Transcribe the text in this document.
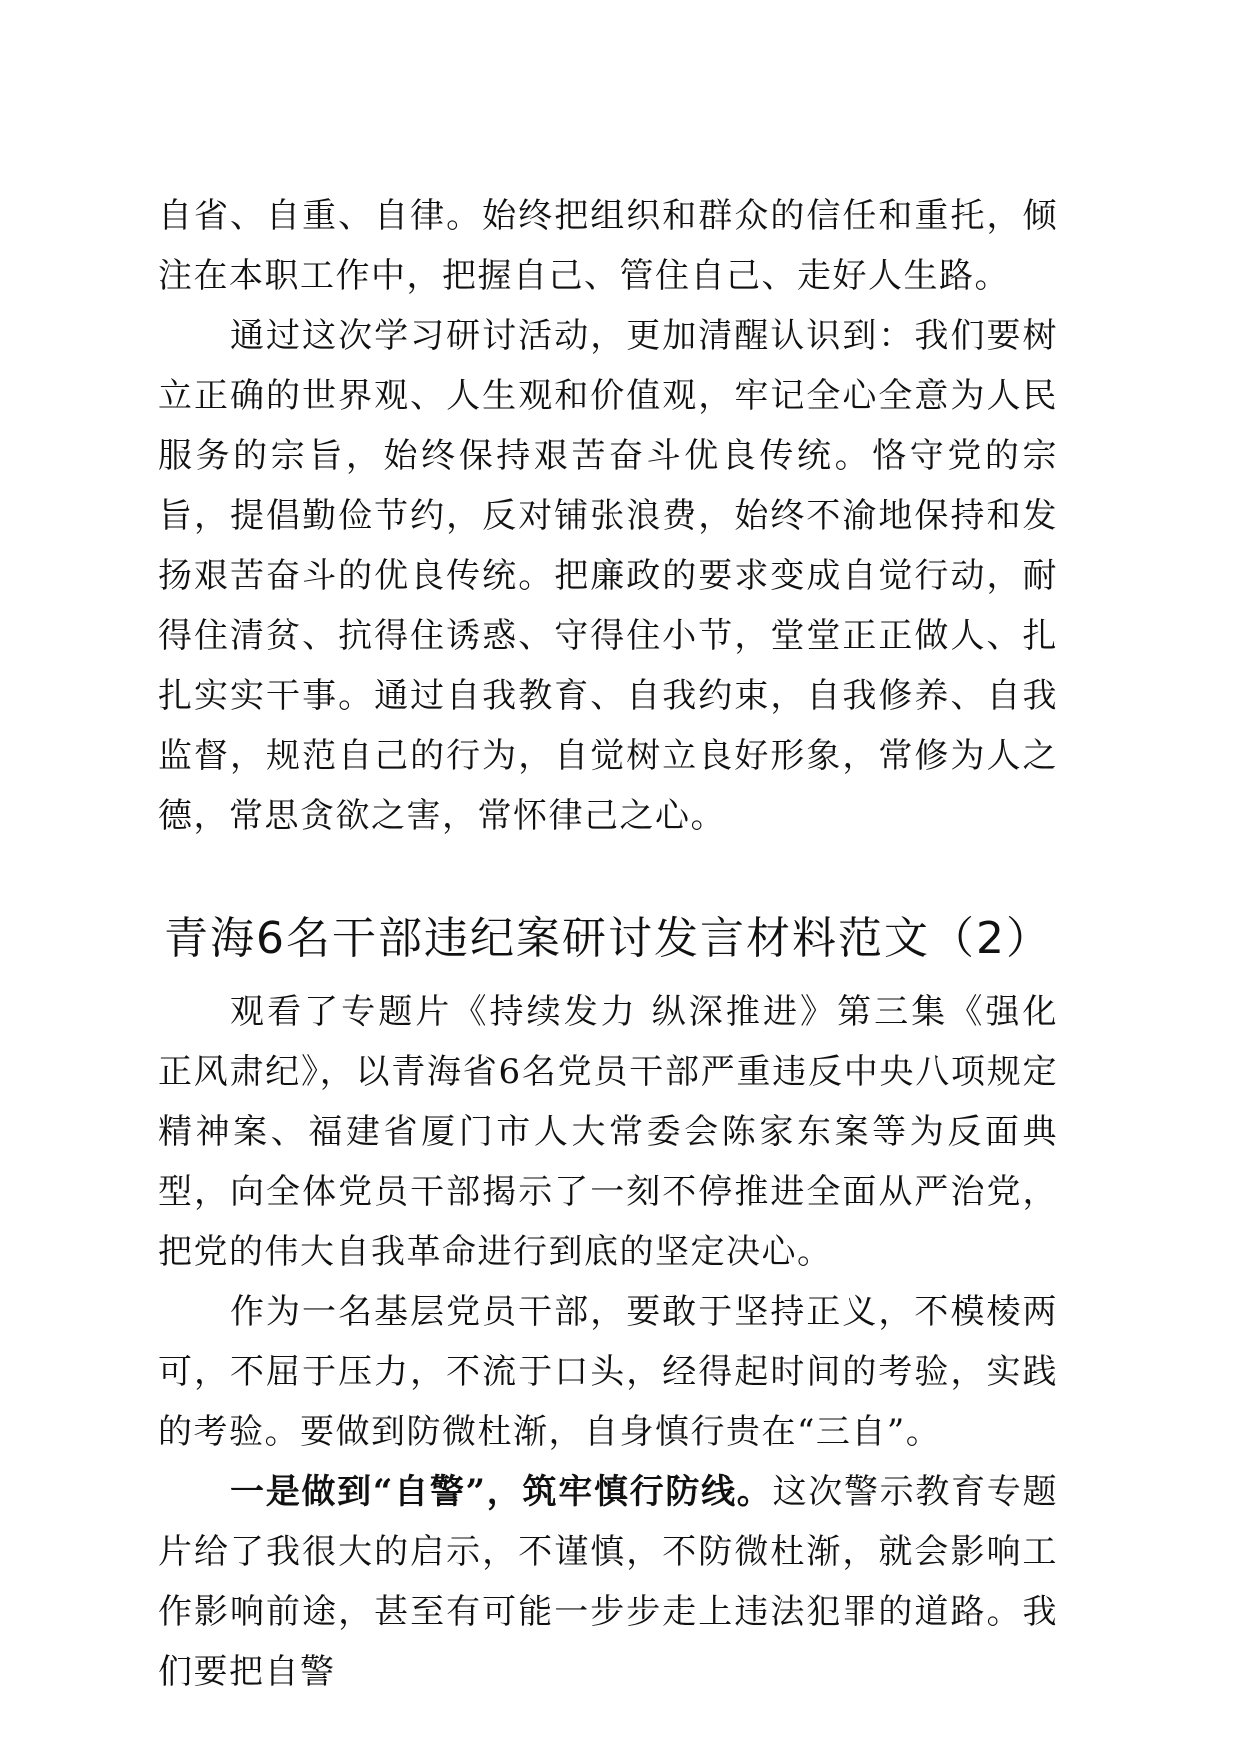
自省、自重、自律。始终把组织和群众的信任和重托，倾注在本职工作中，把握自己、管住自己、走好人生路。

通过这次学习研讨活动，更加清醒认识到：我们要树立正确的世界观、人生观和价值观，牢记全心全意为人民服务的宗旨，始终保持艰苦奋斗优良传统。恪守党的宗旨，提倡勤俭节约，反对铺张浪费，始终不渝地保持和发扬艰苦奋斗的优良传统。把廉政的要求变成自觉行动，耐得住清贫、抗得住诱惑、守得住小节，堂堂正正做人、扎扎实实干事。通过自我教育、自我约束，自我修养、自我监督，规范自己的行为，自觉树立良好形象，常修为人之德，常思贪欲之害，常怀律己之心。

青海6名干部违纪案研讨发言材料范文（2）

观看了专题片《持续发力 纵深推进》第三集《强化正风肃纪》，以青海省6名党员干部严重违反中央八项规定精神案、福建省厦门市人大常委会陈家东案等为反面典型，向全体党员干部揭示了一刻不停推进全面从严治党，把党的伟大自我革命进行到底的坚定决心。

作为一名基层党员干部，要敢于坚持正义，不模棱两可，不屈于压力，不流于口头，经得起时间的考验，实践的考验。要做到防微杜渐，自身慎行贵在“三自”。

一是做到“自警”，筑牢慎行防线。这次警示教育专题片给了我很大的启示，不谨慎，不防微杜渐，就会影响工作影响前途，甚至有可能一步步走上违法犯罪的道路。我们要把自警
